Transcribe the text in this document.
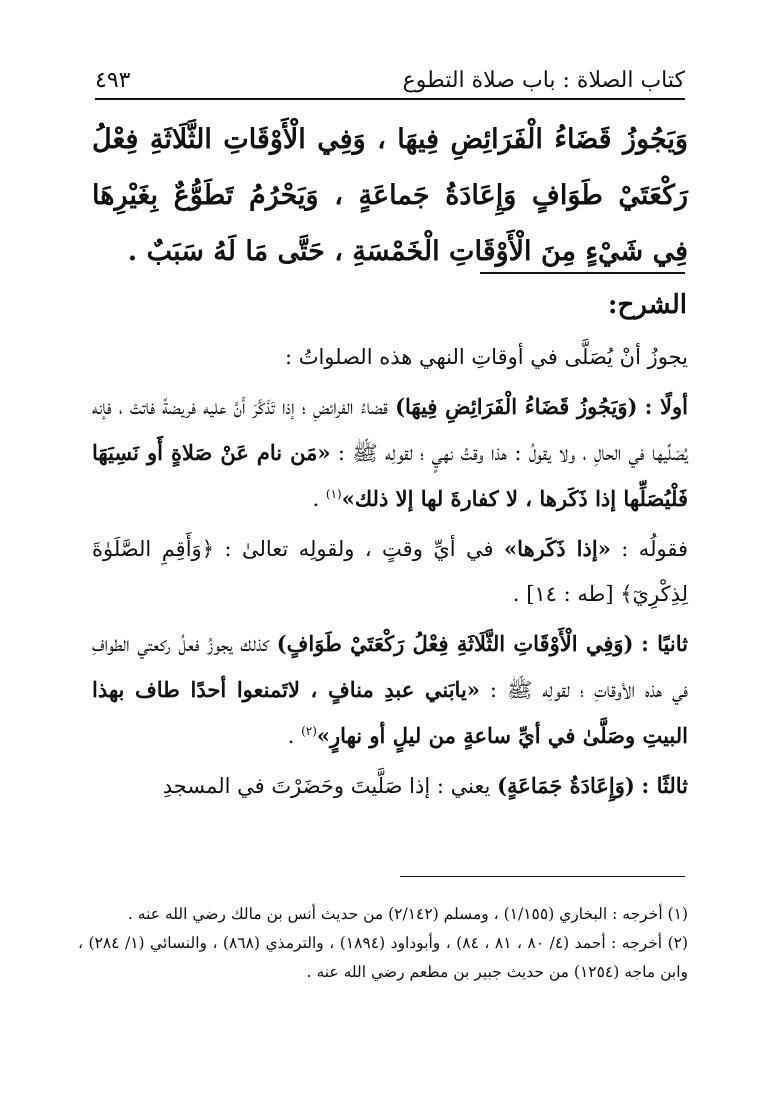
كتاب الصلاة : باب صلاة التطوع
٤٩٣

وَيَجُوزُ قَضَاءُ الْفَرَائِضِ فِيهَا ، وَفِي الْأَوْقَاتِ الثَّلَاثَةِ فِعْلُ رَكْعَتَيْ طَوَافٍ وَإِعَادَةُ جَماعَةٍ ، وَيَحْرُمُ تَطَوُّعٌ بِغَيْرِهَا فِي شَيْءٍ مِنَ الْأَوْقَاتِ الْخَمْسَةِ ، حَتَّى مَا لَهُ سَبَبٌ .

الشرح:

يجوزُ أنْ يُصَلَّى في أوقاتِ النهي هذه الصلواتُ :

أولًا : (وَيَجُوزُ قَضَاءُ الْفَرَائِضِ فِيهَا) قضاءُ الفرائضِ ؛ إذا تَذَكَّرَ أَنَّ عليه فريضةً فاتتْ ، فإنه يُصَلِّيها في الحالِ ، ولا يقولُ : هذا وقتُ نهيٍ ؛ لقولِه ﷺ : «مَن نام عَنْ صَلاةٍ أَو نَسِيَهَا فَلْيُصَلِّها إذا ذَكَرها ، لا كفارةَ لها إلا ذلك»$^{(١)}$ .

فقولُه : «إذا ذَكَرها» في أيِّ وقتٍ ، ولقولِه تعالىٰ : ﴿وَأَقِمِ الصَّلَوٰةَ لِذِكْرِيٓ﴾ [طه : ١٤] .

ثانيًا : (وَفِي الْأَوْقَاتِ الثَّلَاثَةِ فِعْلُ رَكْعَتَيْ طَوَافٍ) كذلك يجوزُ فعلُ ركعتي الطوافِ في هذه الأوقاتِ ؛ لقولِه ﷺ : «يابَني عبدِ منافٍ ، لاتَمنعوا أحدًا طاف بهذا البيتِ وصَلَّىٰ في أيِّ ساعةٍ من ليلٍ أو نهارٍ»$^{(٢)}$ .

ثالثًا : (وَإِعَادَةُ جَمَاعَةٍ) يعني : إذا صَلَّيتَ وحَضَرْتَ في المسجدِ

(١) أخرجه : البخاري (١/١٥٥) ، ومسلم (٢/١٤٢) من حديث أنس بن مالك رضي الله عنه .

(٢) أخرجه : أحمد (٤/ ٨٠ ، ٨١ ، ٨٤) ، وأبوداود (١٨٩٤) ، والترمذي (٨٦٨) ، والنسائي (١/ ٢٨٤) ، وابن ماجه (١٢٥٤) من حديث جبير بن مطعم رضي الله عنه .
